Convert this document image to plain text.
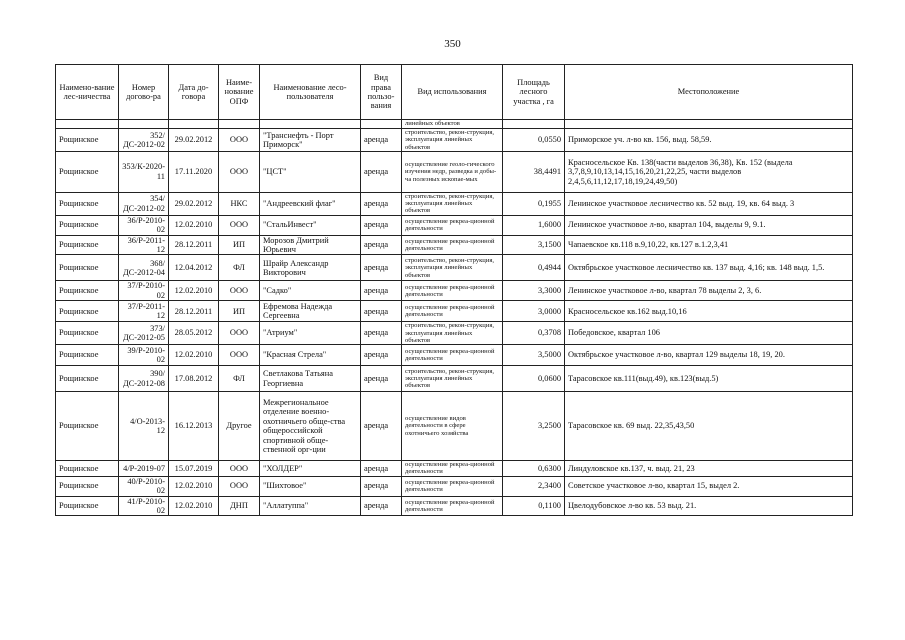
350
Наимено-вание лес-ничества	Номер догово-ра	Дата до-говора	Наиме-нование ОПФ	Наименование лесо-пользователя	Вид права пользо-вания	Вид использования	Площадь лесного участка , га	Местоположение
						линейных объектов		
Рощинское	352/ДС-2012-02	29.02.2012	ООО	"Транснефть - Порт Приморск"	аренда	строительство, рекон-струкция, эксплуатация линейных объектов	0,0550	Приморское уч. л-во кв. 156, выд. 58,59.
Рощинское	353/К-2020-11	17.11.2020	ООО	"ЦСТ"	аренда	осуществление геоло-гического изучения недр, разведка и добы-ча полезных ископае-мых	38,4491	Красносельское Кв. 138(части выделов 36,38), Кв. 152 (выдела 3,7,8,9,10,13,14,15,16,20,21,22,25, части выделов 2,4,5,6,11,12,17,18,19,24,49,50)
Рощинское	354/ДС-2012-02	29.02.2012	НКС	"Андреевский флаг"	аренда	строительство, рекон-струкция, эксплуатация линейных объектов	0,1955	Ленинское участковое лесничество кв. 52 выд. 19, кв. 64 выд. 3
Рощинское	36/Р-2010-02	12.02.2010	ООО	"СтальИнвест"	аренда	осуществление рекреа-ционной деятельности	1,6000	Ленинское участковое л-во, квартал 104, выделы 9, 9.1.
Рощинское	36/Р-2011-12	28.12.2011	ИП	Морозов Дмитрий Юрьевич	аренда	осуществление рекреа-ционной деятельности	3,1500	Чапаевское кв.118 в.9,10,22, кв.127 в.1.2,3,41
Рощинское	368/ДС-2012-04	12.04.2012	ФЛ	Шрайр Александр Викторович	аренда	строительство, рекон-струкция, эксплуатация линейных объектов	0,4944	Октябрьское участковое лесничество кв. 137 выд. 4,16; кв. 148 выд. 1,5.
Рощинское	37/Р-2010-02	12.02.2010	ООО	"Садко"	аренда	осуществление рекреа-ционной деятельности	3,3000	Ленинское участковое л-во, квартал 78 выделы 2, 3, 6.
Рощинское	37/Р-2011-12	28.12.2011	ИП	Ефремова Надежда Сергеевна	аренда	осуществление рекреа-ционной деятельности	3,0000	Красносельское кв.162 выд.10,16
Рощинское	373/ДС-2012-05	28.05.2012	ООО	"Атриум"	аренда	строительство, рекон-струкция, эксплуатация линейных объектов	0,3708	Победовское, квартал 106
Рощинское	39/Р-2010-02	12.02.2010	ООО	"Красная Стрела"	аренда	осуществление рекреа-ционной деятельности	3,5000	Октябрьское участковое л-во, квартал 129 выделы 18, 19, 20.
Рощинское	390/ДС-2012-08	17.08.2012	ФЛ	Светлакова Татьяна Георгиевна	аренда	строительство, рекон-струкция, эксплуатация линейных объектов	0,0600	Тарасовское кв.111(выд.49), кв.123(выд.5)
Рощинское	4/О-2013-12	16.12.2013	Другое	Межрегиональное отделение военно-охотничьего обще-ства общероссийской спортивной обще-ственной орг-ции	аренда	осуществление видов деятельности в сфере охотничьего хозяйства	3,2500	Тарасовское кв. 69 выд. 22,35,43,50
Рощинское	4/Р-2019-07	15.07.2019	ООО	"ХОЛДЕР"	аренда	осуществление рекреа-ционной деятельности	0,6300	Линдуловское кв.137, ч. выд. 21, 23
Рощинское	40/Р-2010-02	12.02.2010	ООО	"Шихтовое"	аренда	осуществление рекреа-ционной деятельности	2,3400	Советское участковое л-во, квартал 15, выдел 2.
Рощинское	41/Р-2010-02	12.02.2010	ДНП	"Аллатуппа"	аренда	осуществление рекреа-ционной деятельности	0,1100	Цвелодубовское л-во кв. 53 выд. 21.
